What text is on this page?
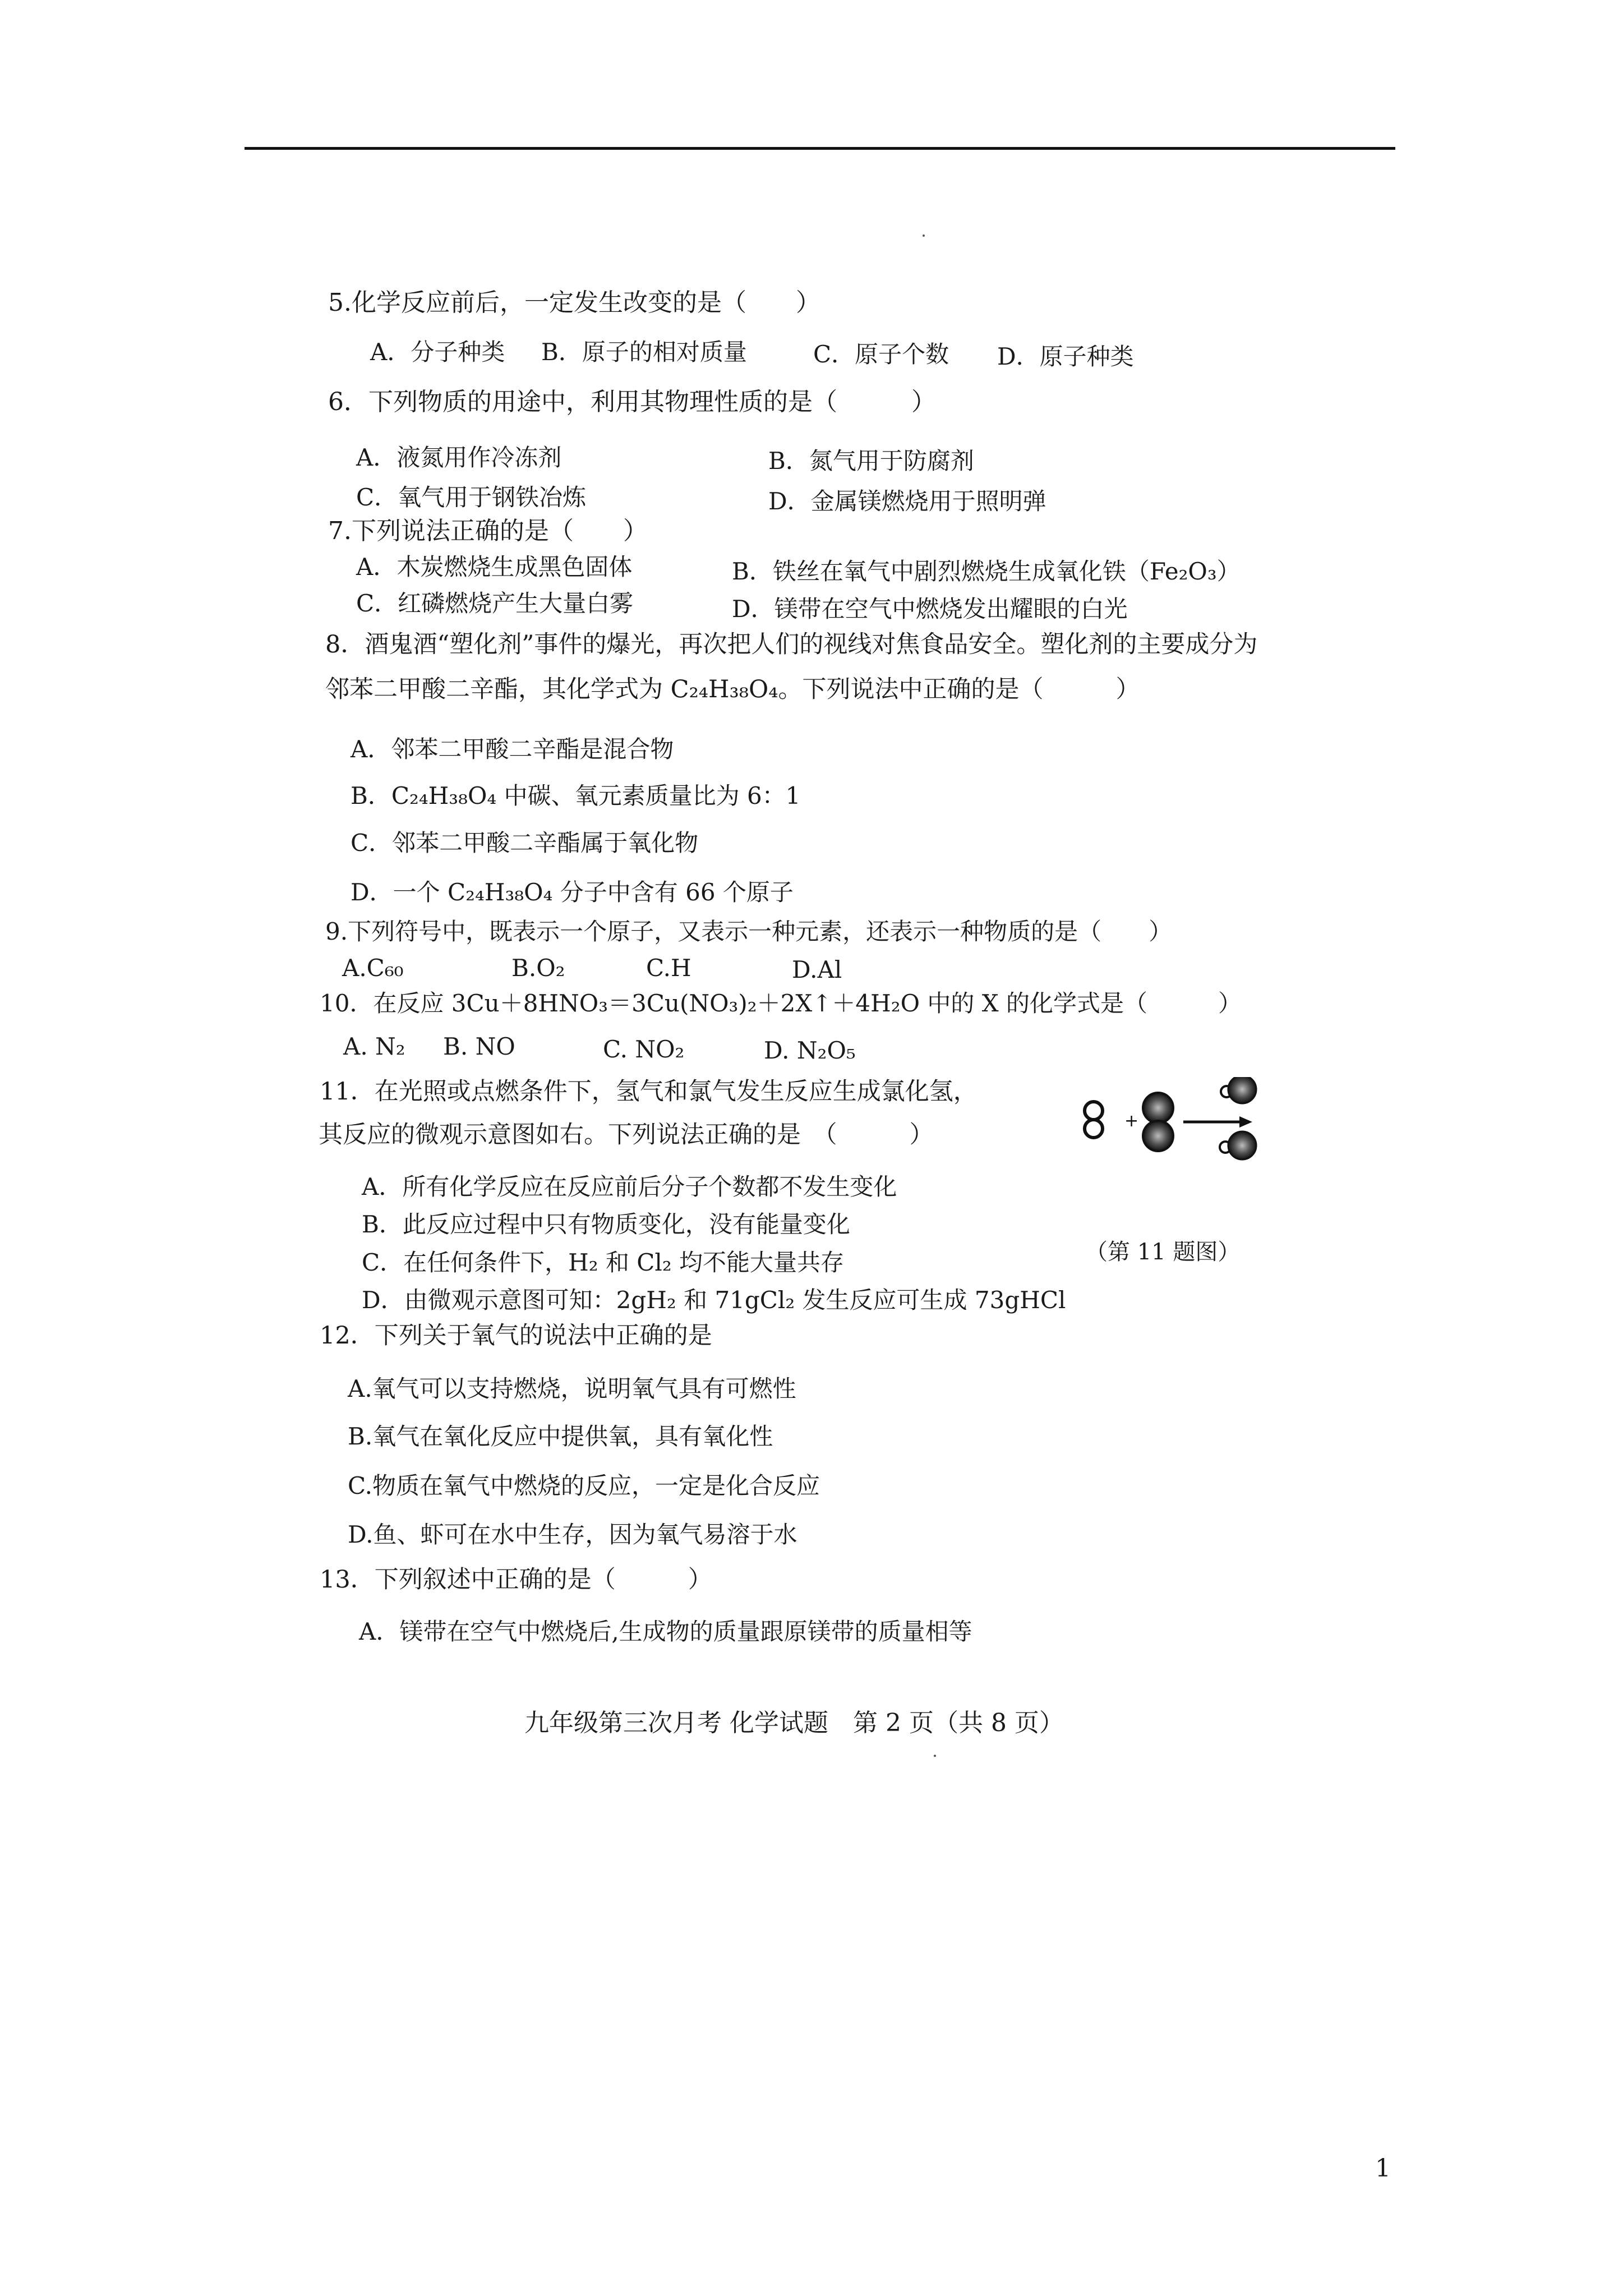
5.化学反应前后，一定发生改变的是（　　）
A．分子种类 B．原子的相对质量	C．原子个数 D．原子种类
6．下列物质的用途中，利用其物理性质的是（　　　）
A．液氮用作冷冻剂	B．氮气用于防腐剂
C．氧气用于钢铁冶炼	D．金属镁燃烧用于照明弹
7.下列说法正确的是（　　）
A．木炭燃烧生成黑色固体	B．铁丝在氧气中剧烈燃烧生成氧化铁（Fe₂O₃）
C．红磷燃烧产生大量白雾	D．镁带在空气中燃烧发出耀眼的白光
8．酒鬼酒“塑化剂”事件的爆光，再次把人们的视线对焦食品安全。塑化剂的主要成分为
邻苯二甲酸二辛酯，其化学式为 C₂₄H₃₈O₄。下列说法中正确的是（　　　）
A．邻苯二甲酸二辛酯是混合物
B．C₂₄H₃₈O₄ 中碳、氧元素质量比为 6：1
C．邻苯二甲酸二辛酯属于氧化物
D．一个 C₂₄H₃₈O₄ 分子中含有 66 个原子
9.下列符号中，既表示一个原子，又表示一种元素，还表示一种物质的是（　　）
A.C₆₀	B.O₂	C.H	D.Al
10．在反应 3Cu＋8HNO₃＝3Cu(NO₃)₂＋2X↑＋4H₂O 中的 X 的化学式是（　　　）
A. N₂ B. NO	C. NO₂	D. N₂O₅
11．在光照或点燃条件下，氢气和氯气发生反应生成氯化氢，
其反应的微观示意图如右。下列说法正确的是　（　　　）
A．所有化学反应在反应前后分子个数都不发生变化
B．此反应过程中只有物质变化，没有能量变化
C．在任何条件下，H₂ 和 Cl₂ 均不能大量共存
D．由微观示意图可知：2gH₂ 和 71gCl₂ 发生反应可生成 73gHCl
+
（第 11 题图）
12．下列关于氧气的说法中正确的是
A.氧气可以支持燃烧，说明氧气具有可燃性
B.氧气在氧化反应中提供氧，具有氧化性
C.物质在氧气中燃烧的反应，一定是化合反应
D.鱼、虾可在水中生存，因为氧气易溶于水
13．下列叙述中正确的是（　　　）
A．镁带在空气中燃烧后,生成物的质量跟原镁带的质量相等
九年级第三次月考 化学试题　第 2 页（共 8 页）
1
